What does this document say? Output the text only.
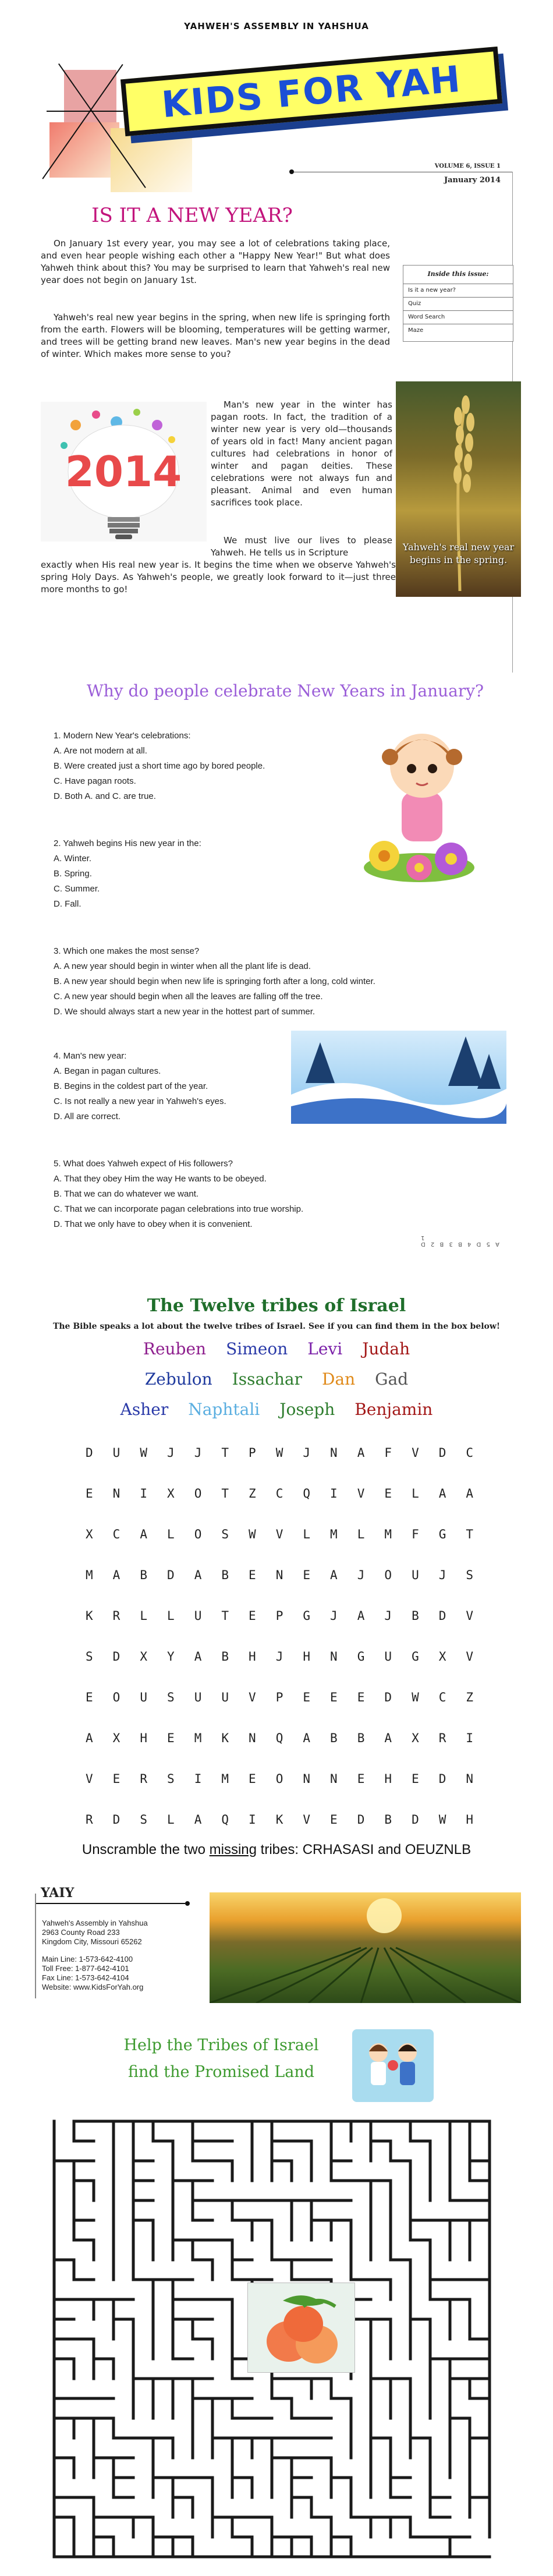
YAHWEH'S ASSEMBLY IN YAHSHUA
KIDS FOR YAH
VOLUME 6, ISSUE 1
January 2014
IS IT A NEW YEAR?

On January 1st every year, you may see a lot of celebrations taking place, and even hear people wishing each other a "Happy New Year!" But what does Yahweh think about this? You may be surprised to learn that Yahweh's real new year does not begin on January 1st.

Yahweh's real new year begins in the spring, when new life is springing forth from the earth. Flowers will be blooming, temperatures will be getting warmer, and trees will be getting brand new leaves. Man's new year begins in the dead of winter. Which makes more sense to you?

Man's new year in the winter has pagan roots. In fact, the tradition of a winter new year is very old—thousands of years old in fact! Many ancient pagan cultures had celebrations in honor of winter and pagan deities. These celebrations were not always fun and pleasant. Animal and even human sacrifices took place.

We must live our lives to please Yahweh. He tells us in Scripture

exactly when His real new year is. It begins the time when we observe Yahweh's spring Holy Days. As Yahweh's people, we greatly look forward to it—just three more months to go!

2014
Inside this issue:
Is it a new year?
Quiz
Word Search
Maze
Yahweh's real new year
begins in the spring.
Why do people celebrate New Years in January?
1. Modern New Year's celebrations:
A. Are not modern at all.
B. Were created just a short time ago by bored people.
C. Have pagan roots.
D. Both A. and C. are true.
2. Yahweh begins His new year in the:
A. Winter.
B. Spring.
C. Summer.
D. Fall.
3. Which one makes the most sense?
A. A new year should begin in winter when all the plant life is dead.
B. A new year should begin when new life is springing forth after a long, cold winter.
C. A new year should begin when all the leaves are falling off the tree.
D. We should always start a new year in the hottest part of summer.
4. Man's new year:
A. Began in pagan cultures.
B. Begins in the coldest part of the year.
C. Is not really a new year in Yahweh's eyes.
D. All are correct.
5. What does Yahweh expect of His followers?
A. That they obey Him the way He wants to be obeyed.
B. That we can do whatever we want.
C. That we can incorporate pagan celebrations into true worship.
D. That we only have to obey when it is convenient.
A 5 D 4 B 3 B 2 D 1
The Twelve tribes of Israel
The Bible speaks a lot about the twelve tribes of Israel. See if you can find them in the box below!
Reuben Simeon Levi Judah
Zebulon Issachar Dan Gad
Asher Naphtali Joseph Benjamin
D	U	W	J	J	T	P	W	J	N	A	F	V	D	C
E	N	I	X	O	T	Z	C	Q	I	V	E	L	A	A
X	C	A	L	O	S	W	V	L	M	L	M	F	G	T
M	A	B	D	A	B	E	N	E	A	J	O	U	J	S
K	R	L	L	U	T	E	P	G	J	A	J	B	D	V
S	D	X	Y	A	B	H	J	H	N	G	U	G	X	V
E	O	U	S	U	U	V	P	E	E	E	D	W	C	Z
A	X	H	E	M	K	N	Q	A	B	B	A	X	R	I
V	E	R	S	I	M	E	O	N	N	E	H	E	D	N
R	D	S	L	A	Q	I	K	V	E	D	B	D	W	H
Unscramble the two missing tribes: CRHASASI and OEUZNLB
YAIY
Yahweh's Assembly in Yahshua
2963 County Road 233
Kingdom City, Missouri 65262
Main Line: 1-573-642-4100
Toll Free: 1-877-642-4101
Fax Line: 1-573-642-4104
Website: www.KidsForYah.org
Help the Tribes of Israel
find the Promised Land
